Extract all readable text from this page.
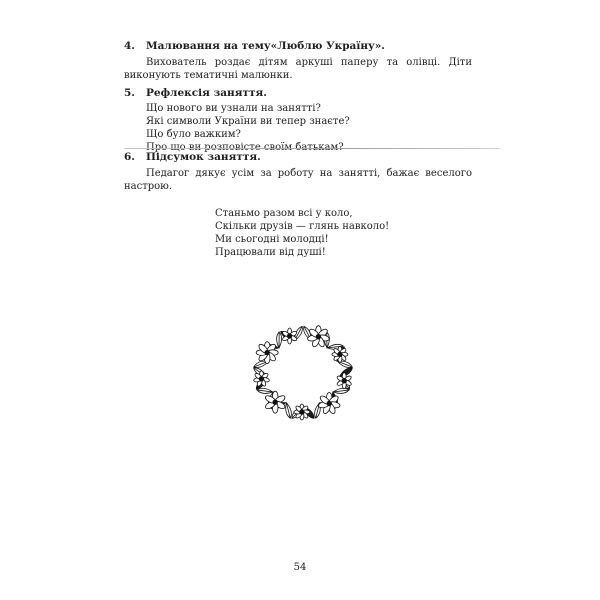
4. Малювання на тему«Люблю Україну».
Вихователь роздає дітям аркуші паперу та олівці. Діти виконують тематичні малюнки.
5. Рефлексія заняття.
Що нового ви узнали на занятті?
Які символи України ви тепер знаєте?
Що було важким?
6. Підсумок заняття.
Педагог дякує усім за роботу на занятті, бажає веселого настрою.
Станьмо разом всі у коло,
Скільки друзів — глянь навколо!
Ми сьогодні молодці!
Працювали від душі!
54
